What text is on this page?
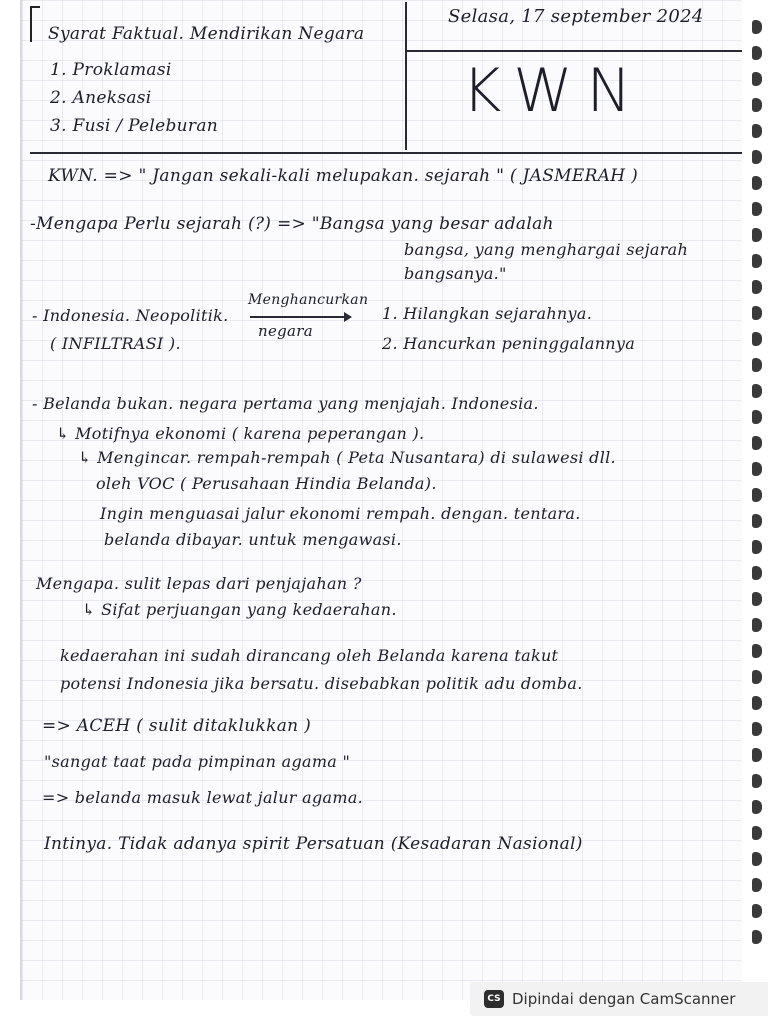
Syarat Faktual. Mendirikan Negara
1. Proklamasi
2. Aneksasi
3. Fusi / Peleburan
Selasa, 17 september 2024
KWN
KWN. => " Jangan sekali-kali melupakan. sejarah " ( JASMERAH )
-Mengapa Perlu sejarah (?) => "Bangsa yang besar adalah
bangsa, yang menghargai sejarah
bangsanya."
Menghancurkan
negara
- Indonesia. Neopolitik.
( INFILTRASI ).
1. Hilangkan sejarahnya.
2. Hancurkan peninggalannya
- Belanda bukan. negara pertama yang menjajah. Indonesia.
↳ Motifnya ekonomi ( karena peperangan ).
↳ Mengincar. rempah-rempah ( Peta Nusantara) di sulawesi dll.
oleh VOC ( Perusahaan Hindia Belanda).
Ingin menguasai jalur ekonomi rempah. dengan. tentara.
belanda dibayar. untuk mengawasi.
Mengapa. sulit lepas dari penjajahan ?
↳ Sifat perjuangan yang kedaerahan.
kedaerahan ini sudah dirancang oleh Belanda karena takut
potensi Indonesia jika bersatu. disebabkan politik adu domba.
=> ACEH ( sulit ditaklukkan )
"sangat taat pada pimpinan agama "
=> belanda masuk lewat jalur agama.
Intinya. Tidak adanya spirit Persatuan (Kesadaran Nasional)
CS Dipindai dengan CamScanner
